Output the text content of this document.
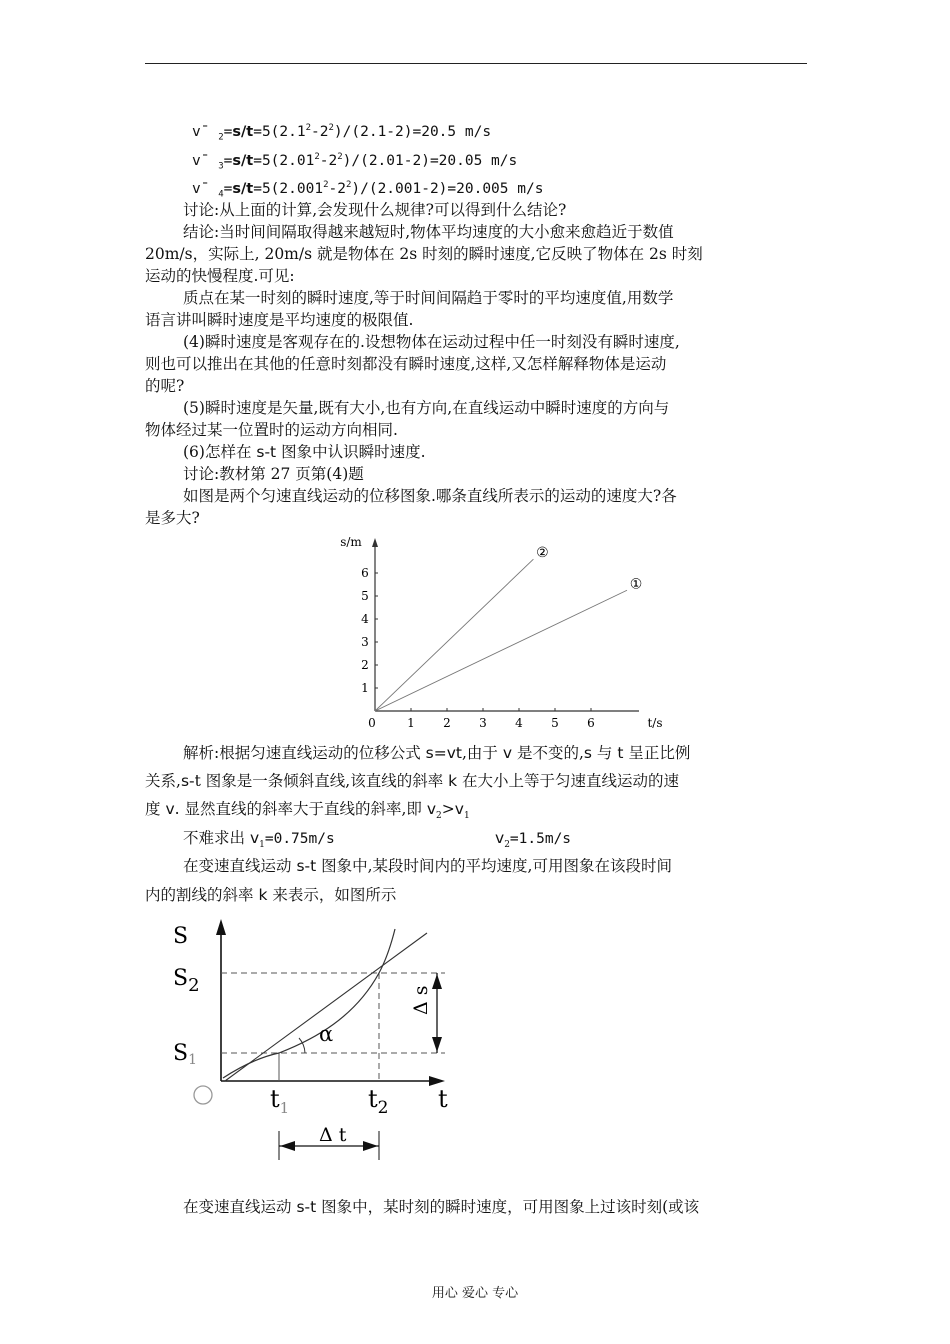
v¯ $_2=s/t=5(2.1^2-2^2)/(2.1-2)=20.5$ m/s
v¯ $_3=s/t=5(2.01^2-2^2)/(2.01-2)=20.05$ m/s
v¯ $_4=s/t=5(2.001^2-2^2)/(2.001-2)=20.005$ m/s
讨论:从上面的计算,会发现什么规律?可以得到什么结论?
结论:当时间间隔取得越来越短时,物体平均速度的大小愈来愈趋近于数值
20m/s，实际上, 20m/s 就是物体在 2s 时刻的瞬时速度,它反映了物体在 2s 时刻
运动的快慢程度.可见:
质点在某一时刻的瞬时速度,等于时间间隔趋于零时的平均速度值,用数学
语言讲叫瞬时速度是平均速度的极限值.
(4)瞬时速度是客观存在的.设想物体在运动过程中任一时刻没有瞬时速度,
则也可以推出在其他的任意时刻都没有瞬时速度,这样,又怎样解释物体是运动
的呢?
(5)瞬时速度是矢量,既有大小,也有方向,在直线运动中瞬时速度的方向与
物体经过某一位置时的运动方向相同.
(6)怎样在 s-t 图象中认识瞬时速度.
讨论:教材第 27 页第(4)题
如图是两个匀速直线运动的位移图象.哪条直线所表示的运动的速度大?各
是多大?
1 2 3 4 5 6
1
2
3
4
5
6
0	t/s
s/m
②
①
解析:根据匀速直线运动的位移公式 s=vt,由于 v 是不变的,s 与 t 呈正比例
关系,s-t 图象是一条倾斜直线,该直线的斜率 k 在大小上等于匀速直线运动的速
度 v. 显然直线的斜率大于直线的斜率,即 $v_2>v_1$
不难求出 $v_1=0.75m/s$	$v_2=1.5m/s$
在变速直线运动 s-t 图象中,某段时间内的平均速度,可用图象在该段时间
内的割线的斜率 k 来表示，如图所示
S
$S_2$
S1
O	$t_1$	$t_2$ t
α
Δ s
Δ t
在变速直线运动 s-t 图象中，某时刻的瞬时速度，可用图象上过该时刻(或该
用心 爱心 专心
